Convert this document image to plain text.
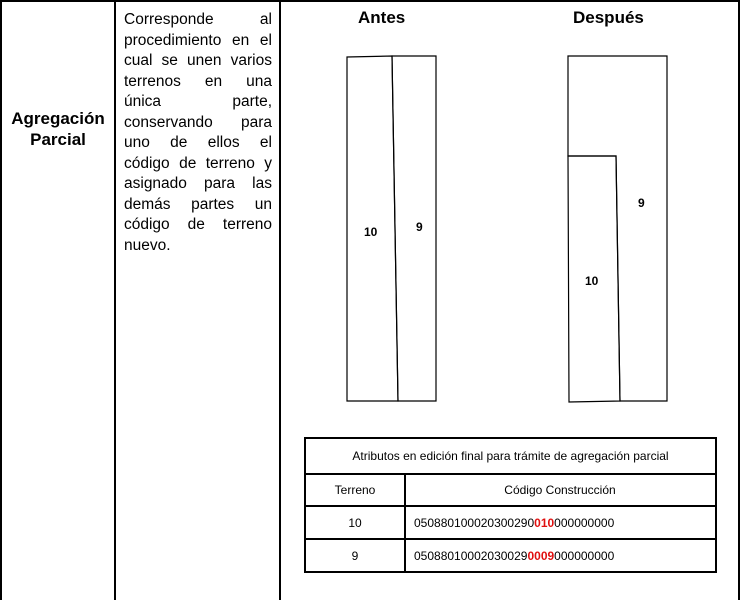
Agregación
Parcial
Corresponde al procedimiento en el cual se unen varios terrenos en una única parte, conservando para uno de ellos el código de terreno y asignado para las demás partes un código de terreno nuevo.
Antes	Después
10	9
9
10
Atributos en edición final para trámite de agregación parcial	
Terreno	Código Construcción
10	050880100020300290010000000000
9	050880100020300290009000000000
